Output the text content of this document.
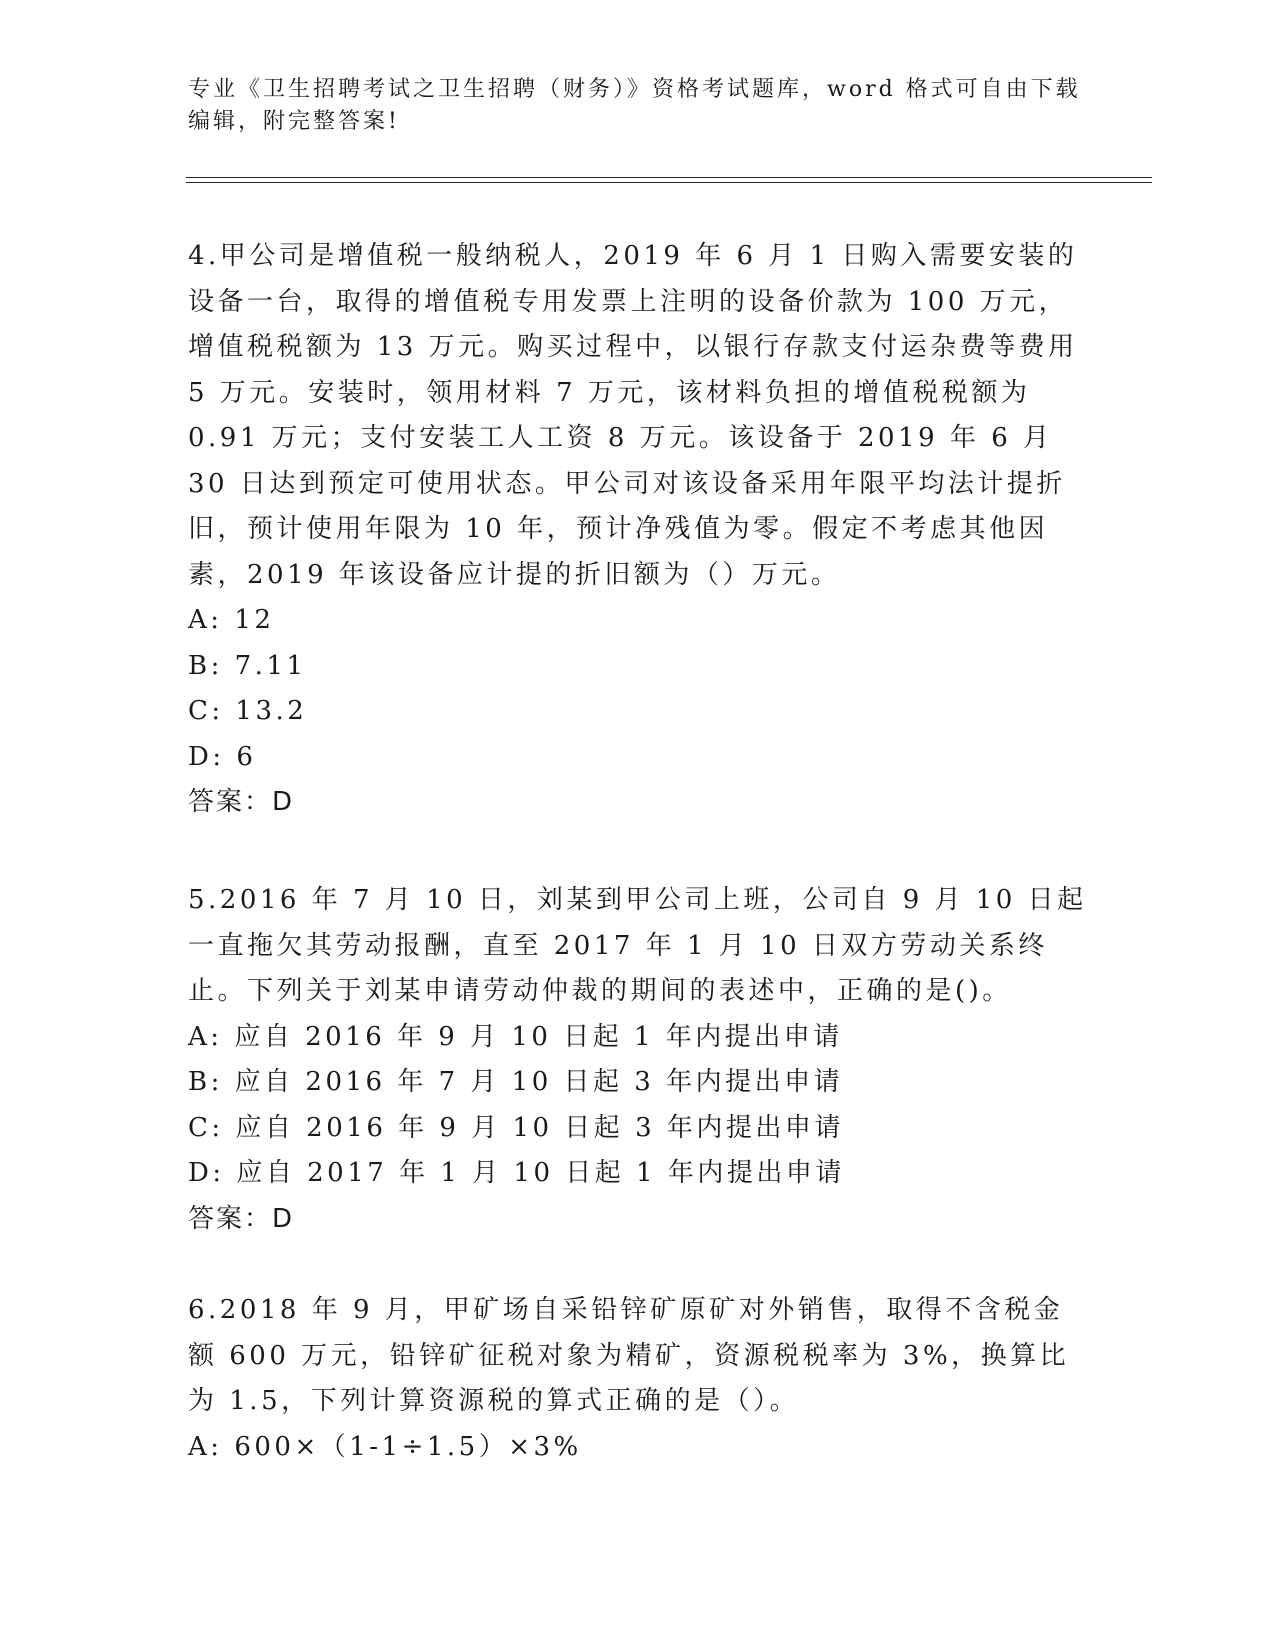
专业《卫生招聘考试之卫生招聘（财务）》资格考试题库，word 格式可自由下载编辑，附完整答案!

4.甲公司是增值税一般纳税人，2019 年 6 月 1 日购入需要安装的设备一台，取得的增值税专用发票上注明的设备价款为 100 万元，增值税税额为 13 万元。购买过程中，以银行存款支付运杂费等费用 5 万元。安装时，领用材料 7 万元，该材料负担的增值税税额为 0.91 万元；支付安装工人工资 8 万元。该设备于 2019 年 6 月 30 日达到预定可使用状态。甲公司对该设备采用年限平均法计提折旧，预计使用年限为 10 年，预计净残值为零。假定不考虑其他因素，2019 年该设备应计提的折旧额为（）万元。

A: 12

B: 7.11

C: 13.2

D: 6

答案：D

5.2016 年 7 月 10 日，刘某到甲公司上班，公司自 9 月 10 日起一直拖欠其劳动报酬，直至 2017 年 1 月 10 日双方劳动关系终止。下列关于刘某申请劳动仲裁的期间的表述中，正确的是()。

A: 应自 2016 年 9 月 10 日起 1 年内提出申请

B: 应自 2016 年 7 月 10 日起 3 年内提出申请

C: 应自 2016 年 9 月 10 日起 3 年内提出申请

D: 应自 2017 年 1 月 10 日起 1 年内提出申请

答案：D

6.2018 年 9 月，甲矿场自采铅锌矿原矿对外销售，取得不含税金额 600 万元，铅锌矿征税对象为精矿，资源税税率为 3%，换算比为 1.5，下列计算资源税的算式正确的是（）。

A: 600×（1-1÷1.5）×3%
